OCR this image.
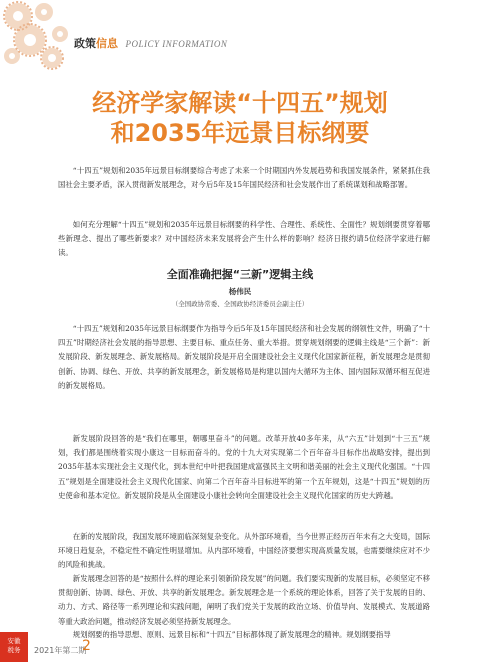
政策信息 POLICY INFORMATION
经济学家解读“十四五”规划
和2035年远景目标纲要

“十四五”规划和2035年远景目标纲要综合考虑了未来一个时期国内外发展趋势和我国发展条件，紧紧抓住我国社会主要矛盾，深入贯彻新发展理念，对今后5年及15年国民经济和社会发展作出了系统谋划和战略部署。

如何充分理解“十四五”规划和2035年远景目标纲要的科学性、合理性、系统性、全面性？规划纲要贯穿着哪些新理念、提出了哪些新要求？对中国经济未来发展将会产生什么样的影响？经济日报约请5位经济学家进行解读。

全面准确把握“三新”逻辑主线
杨伟民
（全国政协常委、全国政协经济委员会副主任）

“十四五”规划和2035年远景目标纲要作为指导今后5年及15年国民经济和社会发展的纲领性文件，明确了“十四五”时期经济社会发展的指导思想、主要目标、重点任务、重大举措。贯穿规划纲要的逻辑主线是“三个新”：新发展阶段、新发展理念、新发展格局。新发展阶段是开启全面建设社会主义现代化国家新征程，新发展理念是贯彻创新、协调、绿色、开放、共享的新发展理念，新发展格局是构建以国内大循环为主体、国内国际双循环相互促进的新发展格局。

新发展阶段回答的是“我们在哪里，朝哪里奋斗”的问题。改革开放40多年来，从“六五”计划到“十三五”规划，我们都是围绕着实现小康这一目标而奋斗的。党的十九大对实现第二个百年奋斗目标作出战略安排，提出到2035年基本实现社会主义现代化，到本世纪中叶把我国建成富强民主文明和谐美丽的社会主义现代化强国。“十四五”规划是全面建设社会主义现代化国家、向第二个百年奋斗目标进军的第一个五年规划，这是“十四五”规划的历史使命和基本定位。新发展阶段是从全面建设小康社会转向全面建设社会主义现代化国家的历史大跨越。

在新的发展阶段，我国发展环境面临深刻复杂变化。从外部环境看，当今世界正经历百年未有之大变局，国际环境日趋复杂，不稳定性不确定性明显增加。从内部环境看，中国经济要想实现高质量发展，也需要继续应对不少的风险和挑战。

新发展理念回答的是“按照什么样的理论来引领新阶段发展”的问题。我们要实现新的发展目标，必须坚定不移贯彻创新、协调、绿色、开放、共享的新发展理念。新发展理念是一个系统的理论体系，回答了关于发展的目的、动力、方式、路径等一系列理论和实践问题，阐明了我们党关于发展的政治立场、价值导向、发展模式、发展道路等重大政治问题，推动经济发展必须坚持新发展理念。

规划纲要的指导思想、原则、远景目标和“十四五”目标都体现了新发展理念的精神。规划纲要指导

安徽
税务	2021年第二期
2
